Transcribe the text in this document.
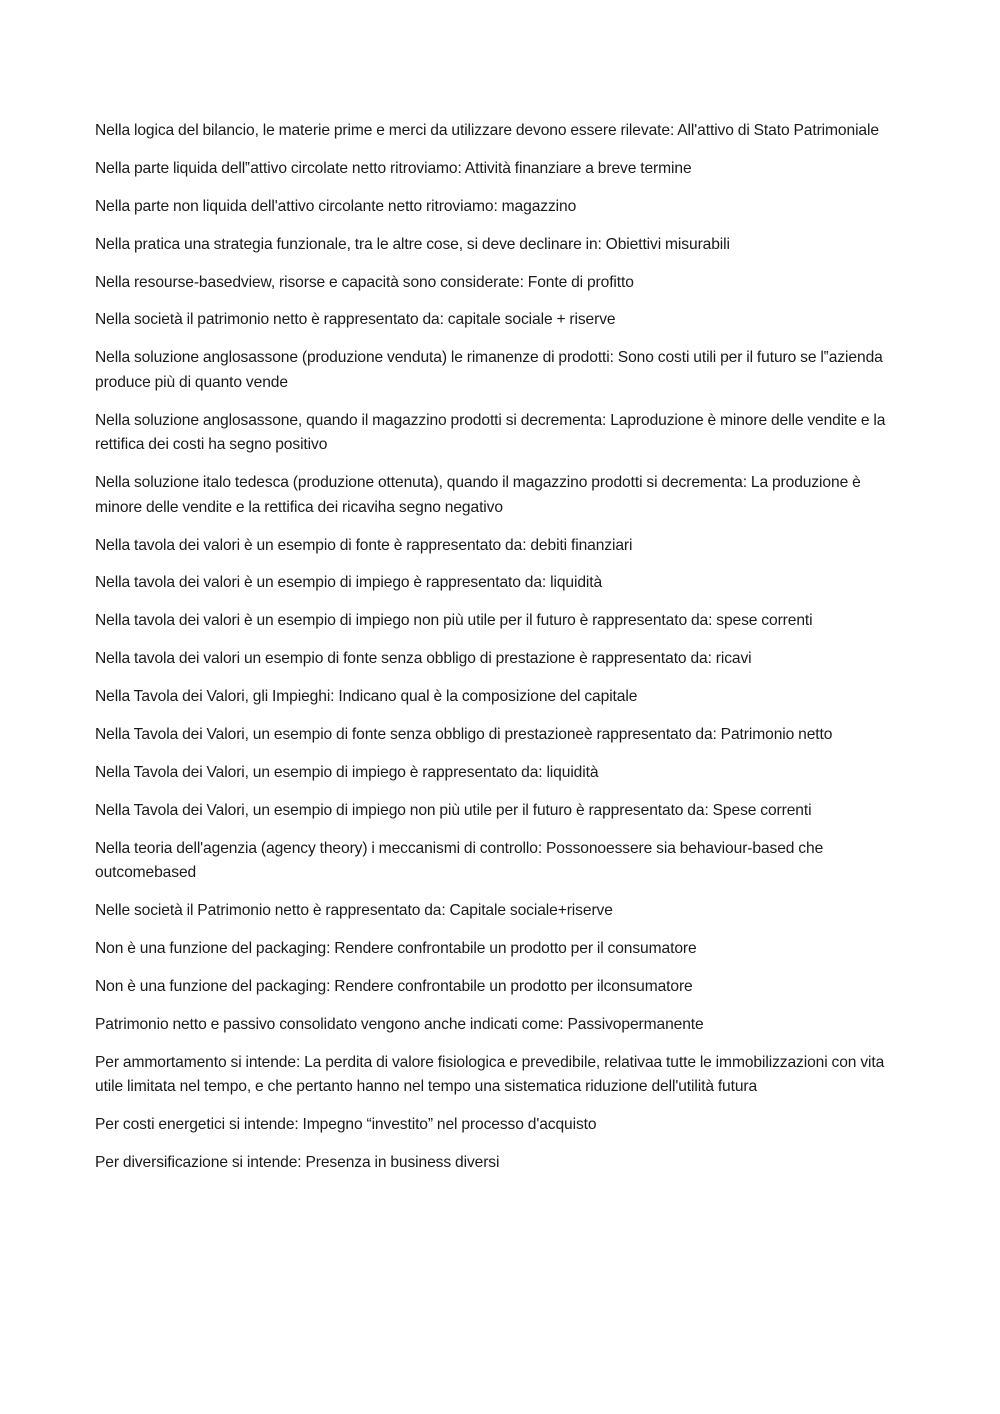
Nella logica del bilancio, le materie prime e merci da utilizzare devono essere rilevate: All'attivo di Stato Patrimoniale

Nella parte liquida dell‟attivo circolate netto ritroviamo: Attività finanziare a breve termine

Nella parte non liquida dell'attivo circolante netto ritroviamo: magazzino

Nella pratica una strategia funzionale, tra le altre cose, si deve declinare in: Obiettivi misurabili

Nella resourse-basedview, risorse e capacità sono considerate: Fonte di profitto

Nella società il patrimonio netto è rappresentato da: capitale sociale + riserve

Nella soluzione anglosassone (produzione venduta) le rimanenze di prodotti: Sono costi utili per il futuro se l‟azienda produce più di quanto vende

Nella soluzione anglosassone, quando il magazzino prodotti si decrementa: Laproduzione è minore delle vendite e la rettifica dei costi ha segno positivo

Nella soluzione italo tedesca (produzione ottenuta), quando il magazzino prodotti si decrementa: La produzione è minore delle vendite e la rettifica dei ricaviha segno negativo

Nella tavola dei valori è un esempio di fonte è rappresentato da: debiti finanziari

Nella tavola dei valori è un esempio di impiego è rappresentato da: liquidità

Nella tavola dei valori è un esempio di impiego non più utile per il futuro è rappresentato da: spese correnti

Nella tavola dei valori un esempio di fonte senza obbligo di prestazione è rappresentato da: ricavi

Nella Tavola dei Valori, gli Impieghi: Indicano qual è la composizione del capitale

Nella Tavola dei Valori, un esempio di fonte senza obbligo di prestazioneè rappresentato da: Patrimonio netto

Nella Tavola dei Valori, un esempio di impiego è rappresentato da: liquidità

Nella Tavola dei Valori, un esempio di impiego non più utile per il futuro è rappresentato da: Spese correnti

Nella teoria dell'agenzia (agency theory) i meccanismi di controllo: Possonoessere sia behaviour-based che outcomebased

Nelle società il Patrimonio netto è rappresentato da: Capitale sociale+riserve

Non è una funzione del packaging: Rendere confrontabile un prodotto per il consumatore

Non è una funzione del packaging: Rendere confrontabile un prodotto per ilconsumatore

Patrimonio netto e passivo consolidato vengono anche indicati come: Passivopermanente

Per ammortamento si intende: La perdita di valore fisiologica e prevedibile, relativaa tutte le immobilizzazioni con vita utile limitata nel tempo, e che pertanto hanno nel tempo una sistematica riduzione dell'utilità futura

Per costi energetici si intende: Impegno “investito” nel processo d'acquisto

Per diversificazione si intende: Presenza in business diversi
